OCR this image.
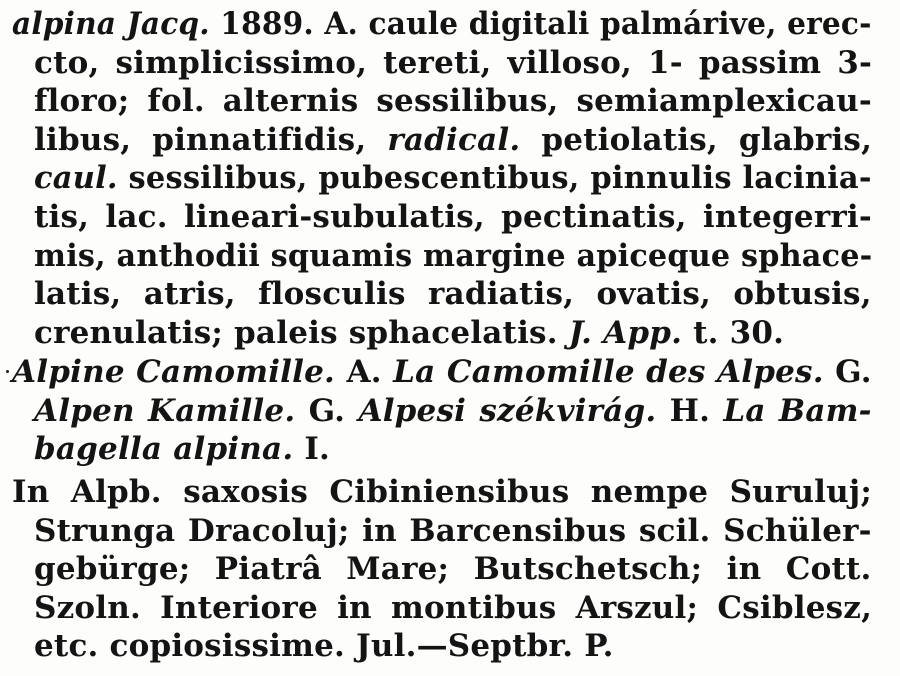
alpina Jacq. 1889. A. caule digitali palmárive, erec-
cto, simplicissimo, tereti, villoso, 1- passim 3-
floro; fol. alternis sessilibus, semiamplexicau-
libus, pinnatifidis, radical. petiolatis, glabris,
caul. sessilibus, pubescentibus, pinnulis lacinia-
tis, lac. lineari-subulatis, pectinatis, integerri-
mis, anthodii squamis margine apiceque sphace-
latis, atris, flosculis radiatis, ovatis, obtusis,
crenulatis; paleis sphacelatis. J. App. t. 30.
Alpine Camomille. A. La Camomille des Alpes. G.
Alpen Kamille. G. Alpesi székvirág. H. La Bam-
bagella alpina. I.
In Alpb. saxosis Cibiniensibus nempe Suruluj;
Strunga Dracoluj; in Barcensibus scil. Schüler-
gebürge; Piatrâ Mare; Butschetsch; in Cott.
Szoln. Interiore in montibus Arszul; Csiblesz,
etc. copiosissime. Jul.—Septbr. P.
